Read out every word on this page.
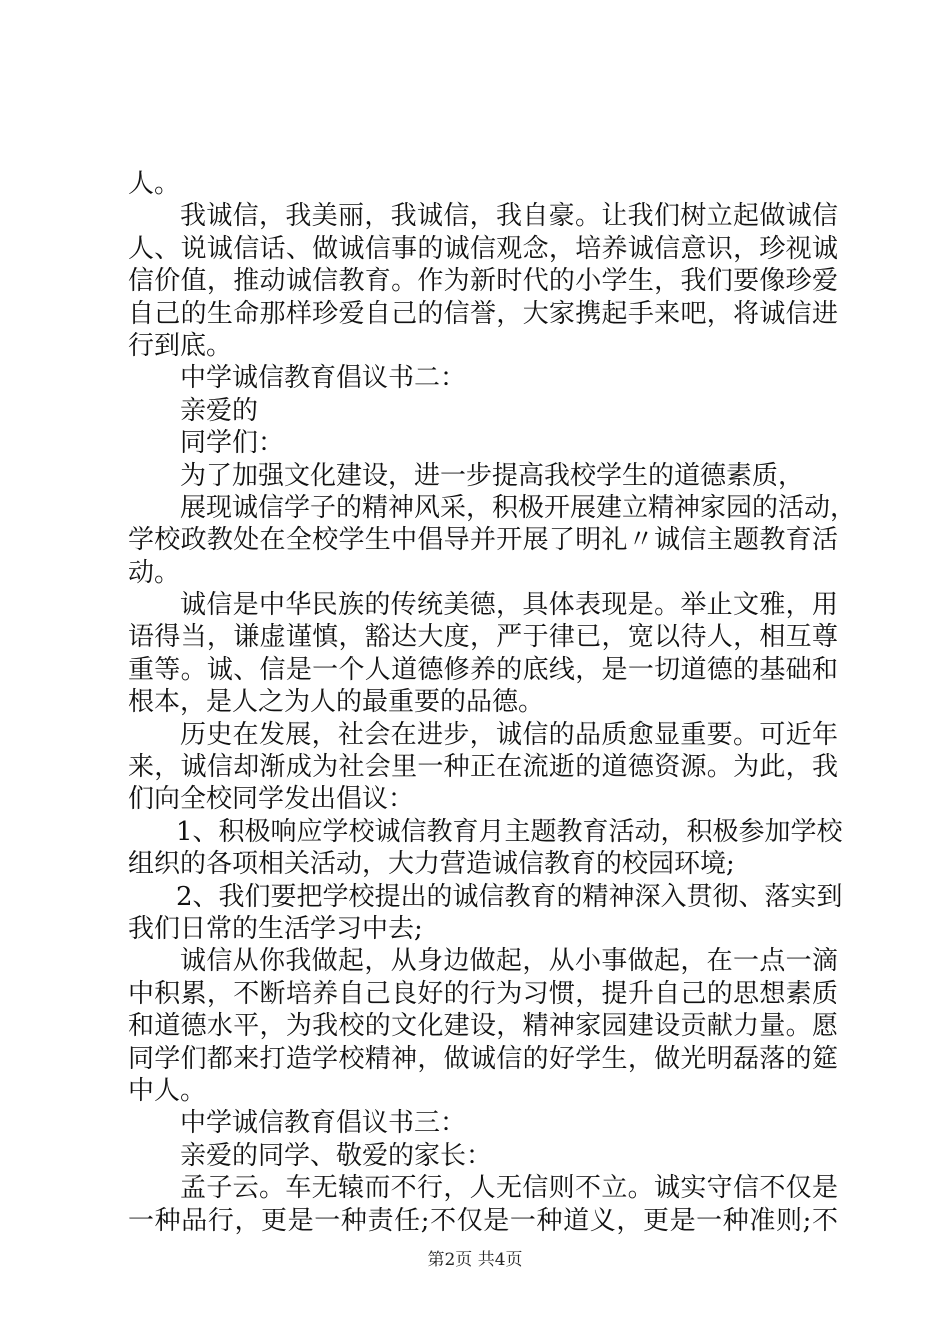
人。
我诚信，我美丽，我诚信，我自豪。让我们树立起做诚信
人、说诚信话、做诚信事的诚信观念，培养诚信意识，珍视诚
信价值，推动诚信教育。作为新时代的小学生，我们要像珍爱
自己的生命那样珍爱自己的信誉，大家携起手来吧，将诚信进
行到底。
中学诚信教育倡议书二：
亲爱的
同学们：
为了加强文化建设，进一步提高我校学生的道德素质，
展现诚信学子的精神风采，积极开展建立精神家园的活动，
学校政教处在全校学生中倡导并开展了明礼〃诚信主题教育活
动。
诚信是中华民族的传统美德，具体表现是。举止文雅，用
语得当，谦虚谨慎，豁达大度，严于律已，宽以待人，相互尊
重等。诚、信是一个人道德修养的底线，是一切道德的基础和
根本，是人之为人的最重要的品德。
历史在发展，社会在进步，诚信的品质愈显重要。可近年
来，诚信却渐成为社会里一种正在流逝的道德资源。为此，我
们向全校同学发出倡议：
1、积极响应学校诚信教育月主题教育活动，积极参加学校
组织的各项相关活动，大力营造诚信教育的校园环境;
2、我们要把学校提出的诚信教育的精神深入贯彻、落实到
我们日常的生活学习中去;
诚信从你我做起，从身边做起，从小事做起，在一点一滴
中积累，不断培养自己良好的行为习惯，提升自己的思想素质
和道德水平，为我校的文化建设，精神家园建设贡献力量。愿
同学们都来打造学校精神，做诚信的好学生，做光明磊落的筵
中人。
中学诚信教育倡议书三：
亲爱的同学、敬爱的家长：
孟子云。车无辕而不行，人无信则不立。诚实守信不仅是
一种品行，更是一种责任;不仅是一种道义，更是一种准则;不
第2页 共4页
